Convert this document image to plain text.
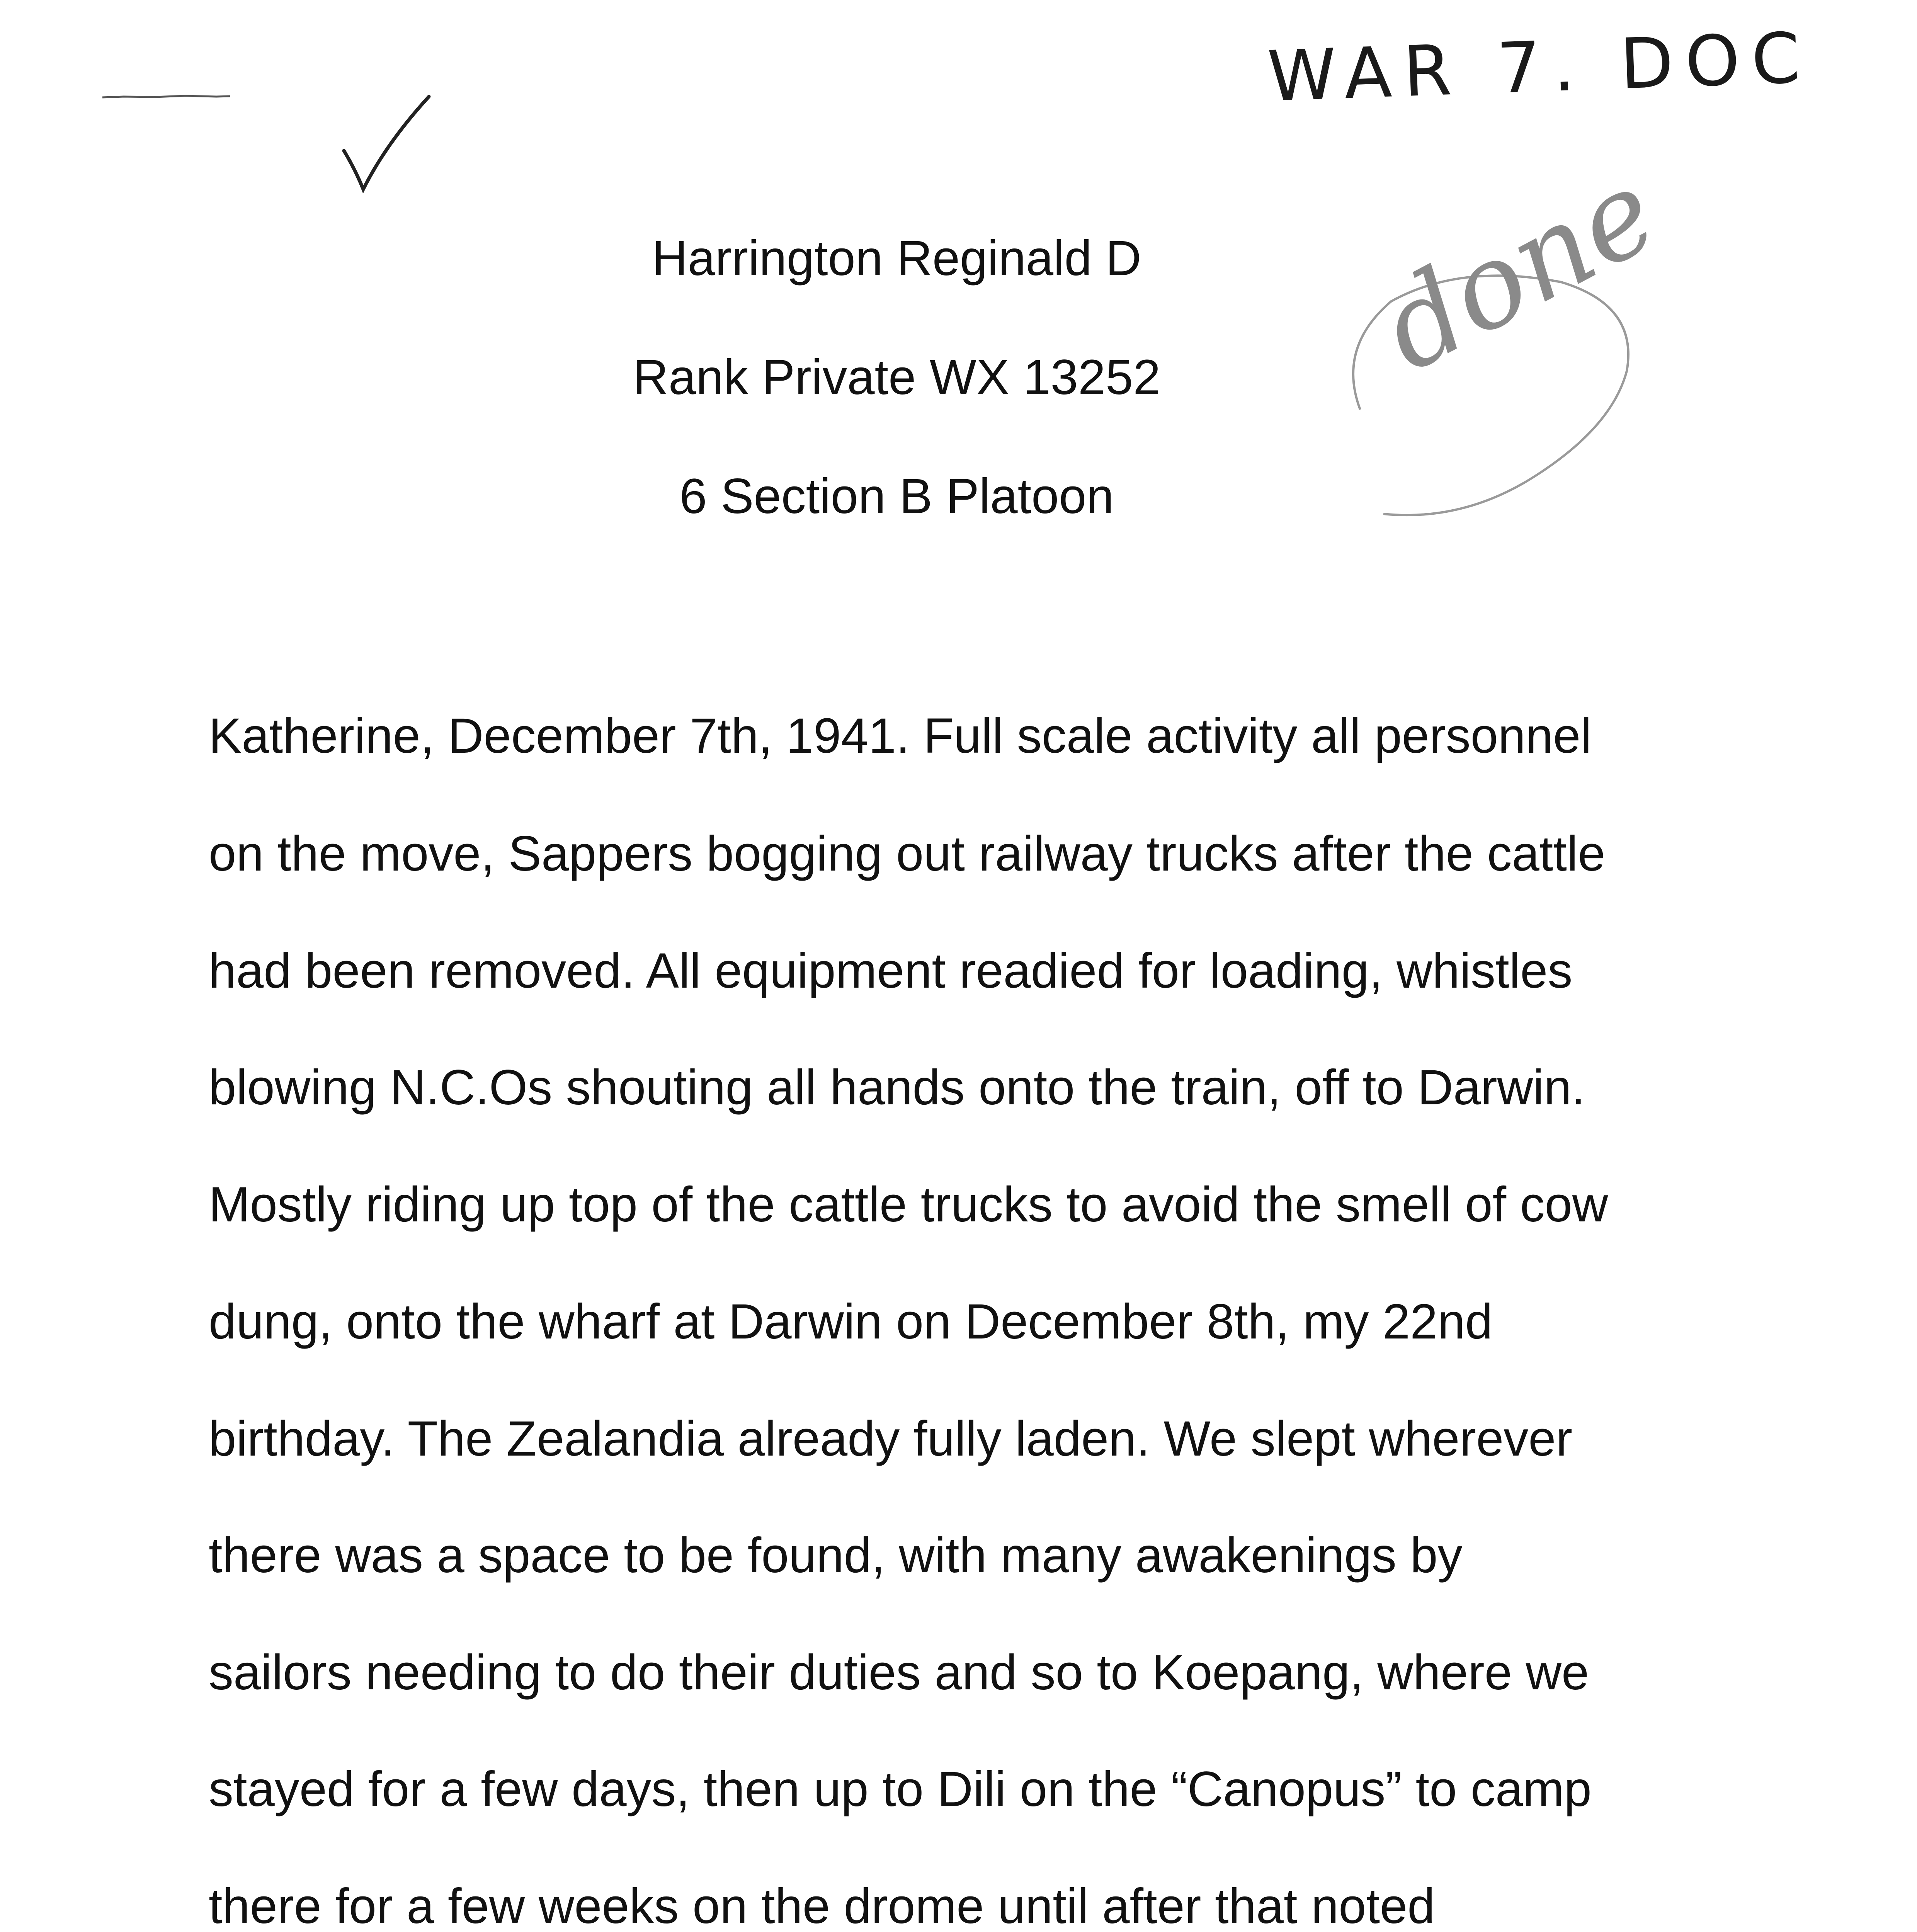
WAR 7. DOC
done
Harrington Reginald D
Rank Private WX 13252
6 Section B Platoon
Katherine, December 7th, 1941. Full scale activity all personnel
on the move, Sappers bogging out railway trucks after the cattle
had been removed. All equipment readied for loading, whistles
blowing N.C.Os shouting all hands onto the train, off to Darwin.
Mostly riding up top of the cattle trucks to avoid the smell of cow
dung, onto the wharf at Darwin on December 8th, my 22nd
birthday. The Zealandia already fully laden. We slept wherever
there was a space to be found, with many awakenings by
sailors needing to do their duties and so to Koepang, where we
stayed for a few days, then up to Dili on the “Canopus” to camp
there for a few weeks on the drome until after that noted
